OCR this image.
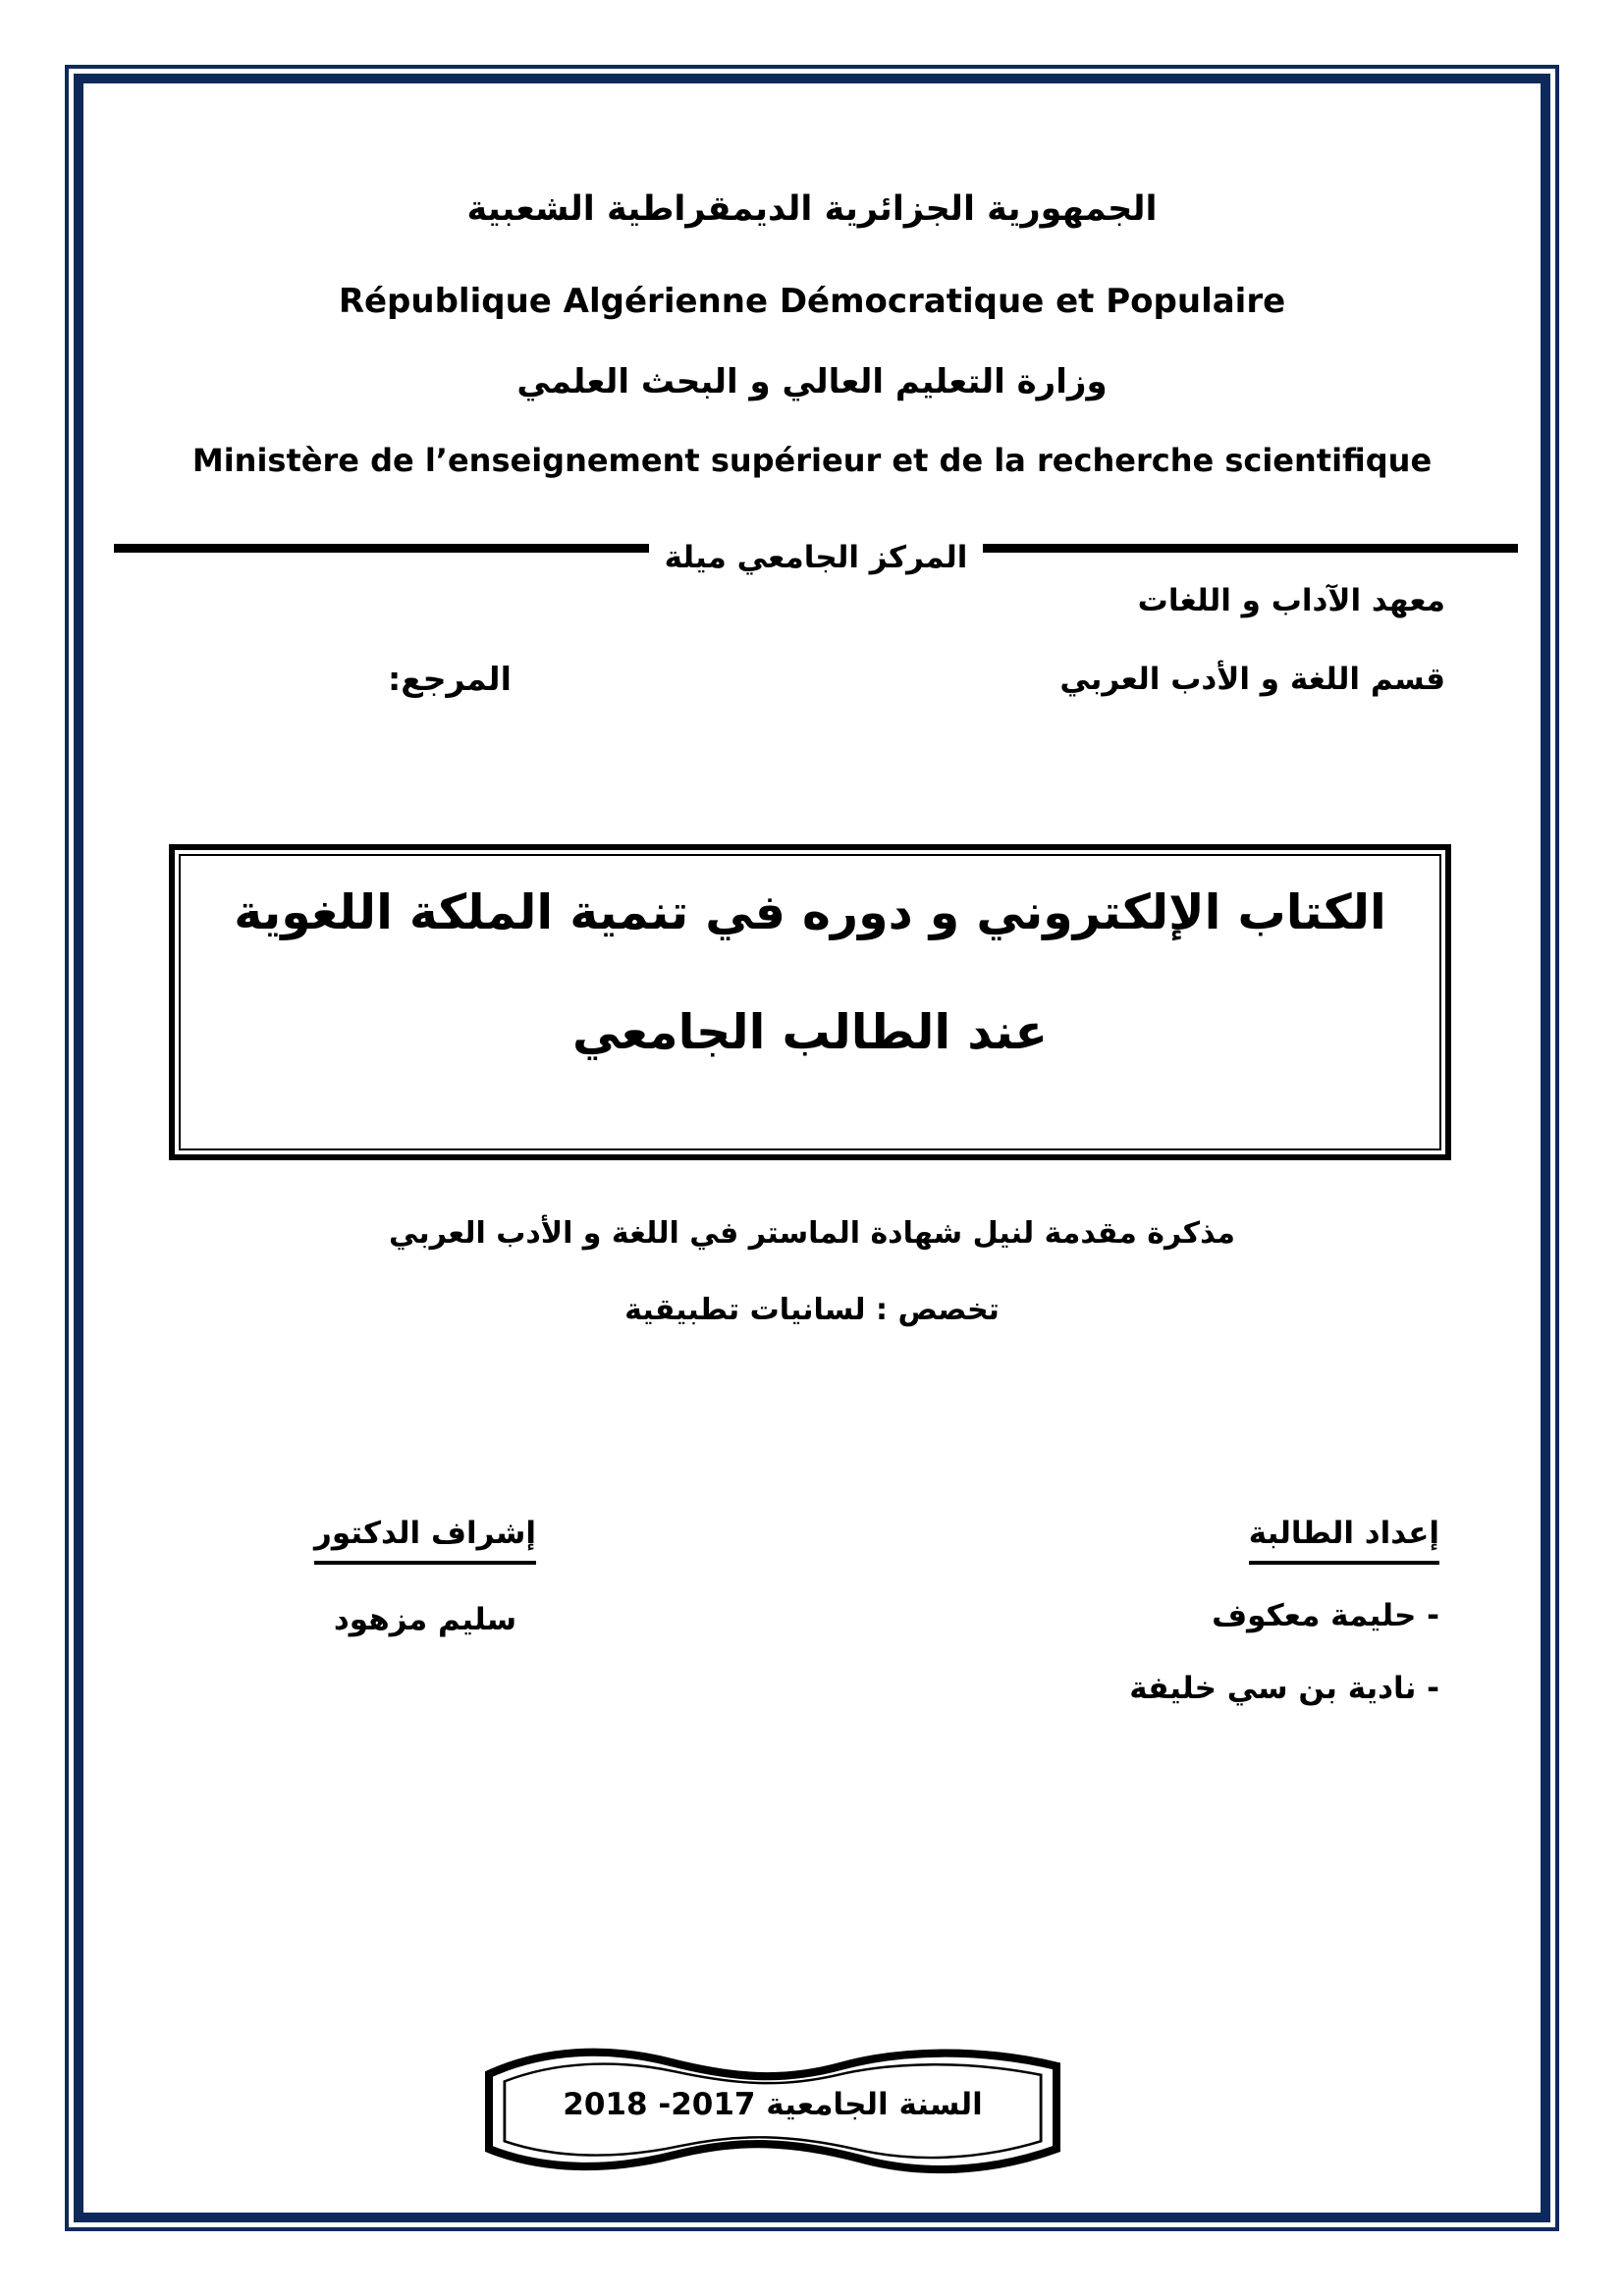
الجمهورية الجزائرية الديمقراطية الشعبية
République Algérienne Démocratique et Populaire
وزارة التعليم العالي و البحث العلمي
Ministère de l’enseignement supérieur et de la recherche scientifique
المركز الجامعي ميلة
معهد الآداب و اللغات
قسم اللغة و الأدب العربي
المرجع:
الكتاب الإلكتروني و دوره في تنمية الملكة اللغوية
عند الطالب الجامعي
مذكرة مقدمة لنيل شهادة الماستر في اللغة و الأدب العربي
تخصص : لسانيات تطبيقية
إعداد الطالبة
- حليمة معكوف
- نادية بن سي خليفة
إشراف الدكتور
سليم مزهود
السنة الجامعية 2017- 2018
